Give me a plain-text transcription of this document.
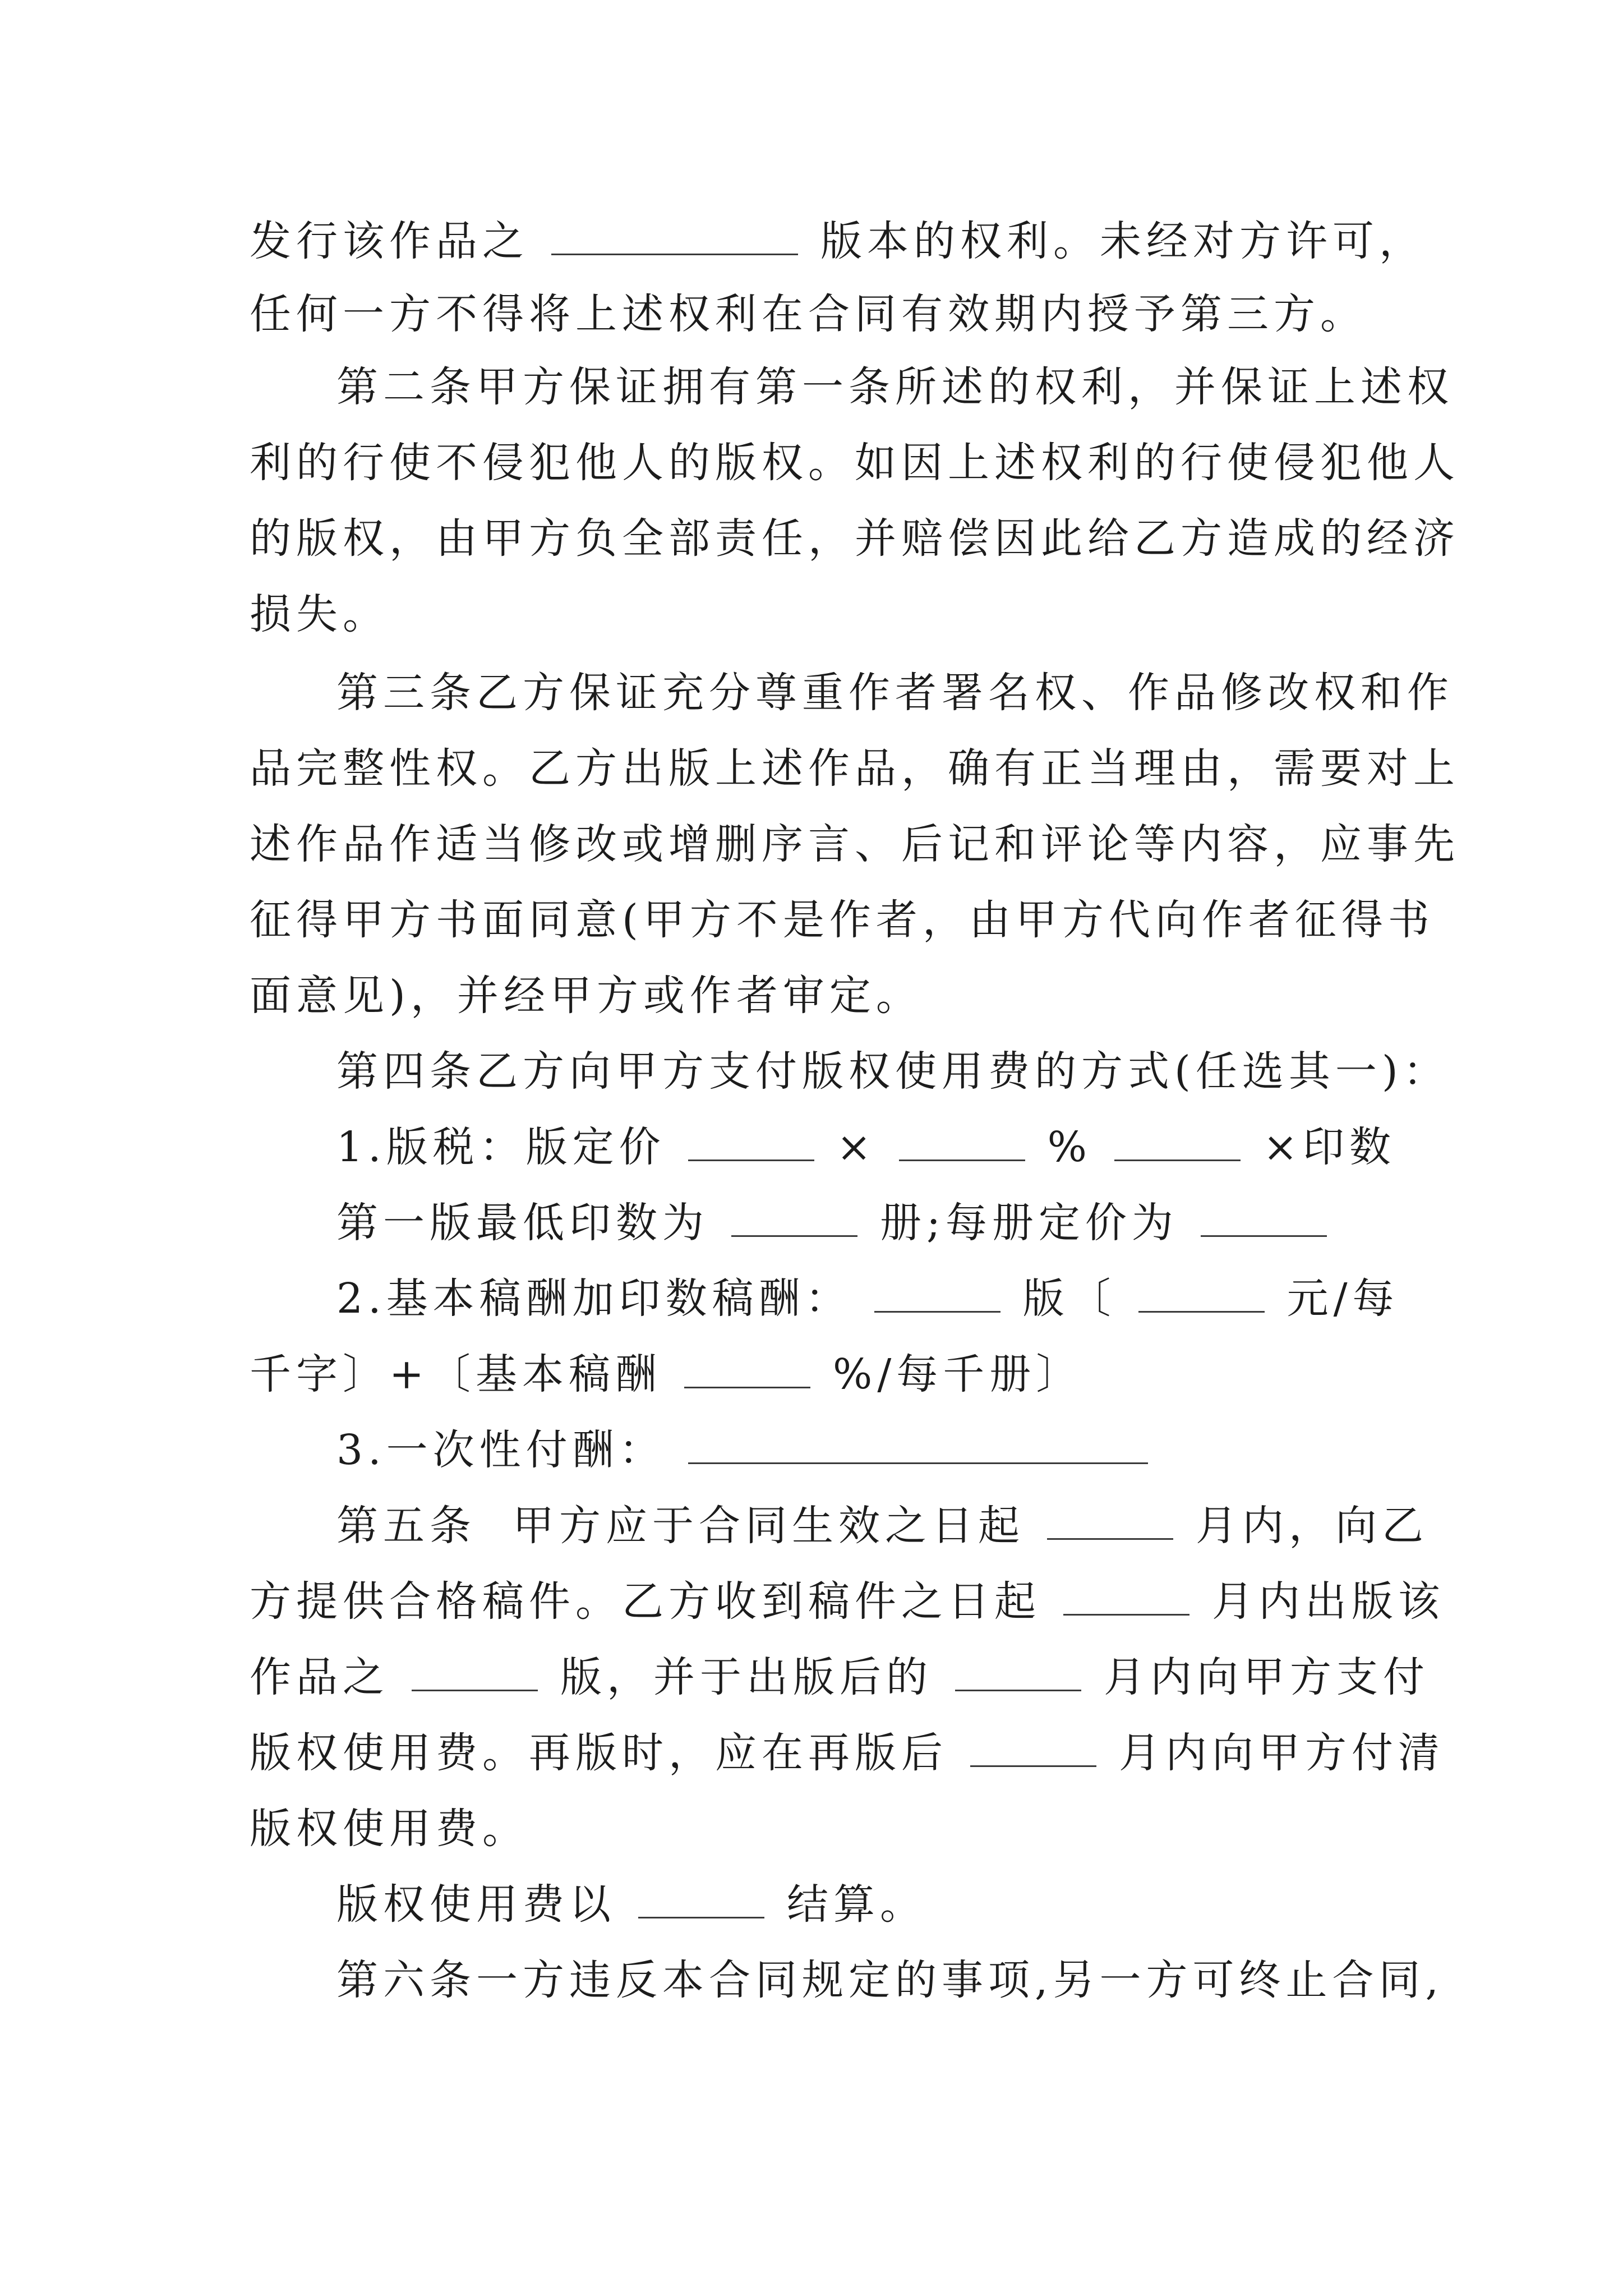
发行该作品之	版本的权利。未经对方许可，
任何一方不得将上述权利在合同有效期内授予第三方。
第二条甲方保证拥有第一条所述的权利，并保证上述权
利的行使不侵犯他人的版权。如因上述权利的行使侵犯他人
的版权，由甲方负全部责任，并赔偿因此给乙方造成的经济
损失。
第三条乙方保证充分尊重作者署名权、作品修改权和作
品完整性权。乙方出版上述作品，确有正当理由，需要对上
述作品作适当修改或增删序言、后记和评论等内容，应事先
征得甲方书面同意(甲方不是作者，由甲方代向作者征得书
面意见)，并经甲方或作者审定。
第四条乙方向甲方支付版权使用费的方式(任选其一)：
1.版税：版定价	×	%	×印数
第一版最低印数为	册;每册定价为
2.基本稿酬加印数稿酬：	版〔	元/每
千字〕+〔基本稿酬	%/每千册〕
3.一次性付酬：
第五条  甲方应于合同生效之日起	月内，向乙
方提供合格稿件。乙方收到稿件之日起	月内出版该
作品之	版，并于出版后的	月内向甲方支付
版权使用费。再版时，应在再版后	月内向甲方付清
版权使用费。
版权使用费以	结算。
第六条一方违反本合同规定的事项,另一方可终止合同,
